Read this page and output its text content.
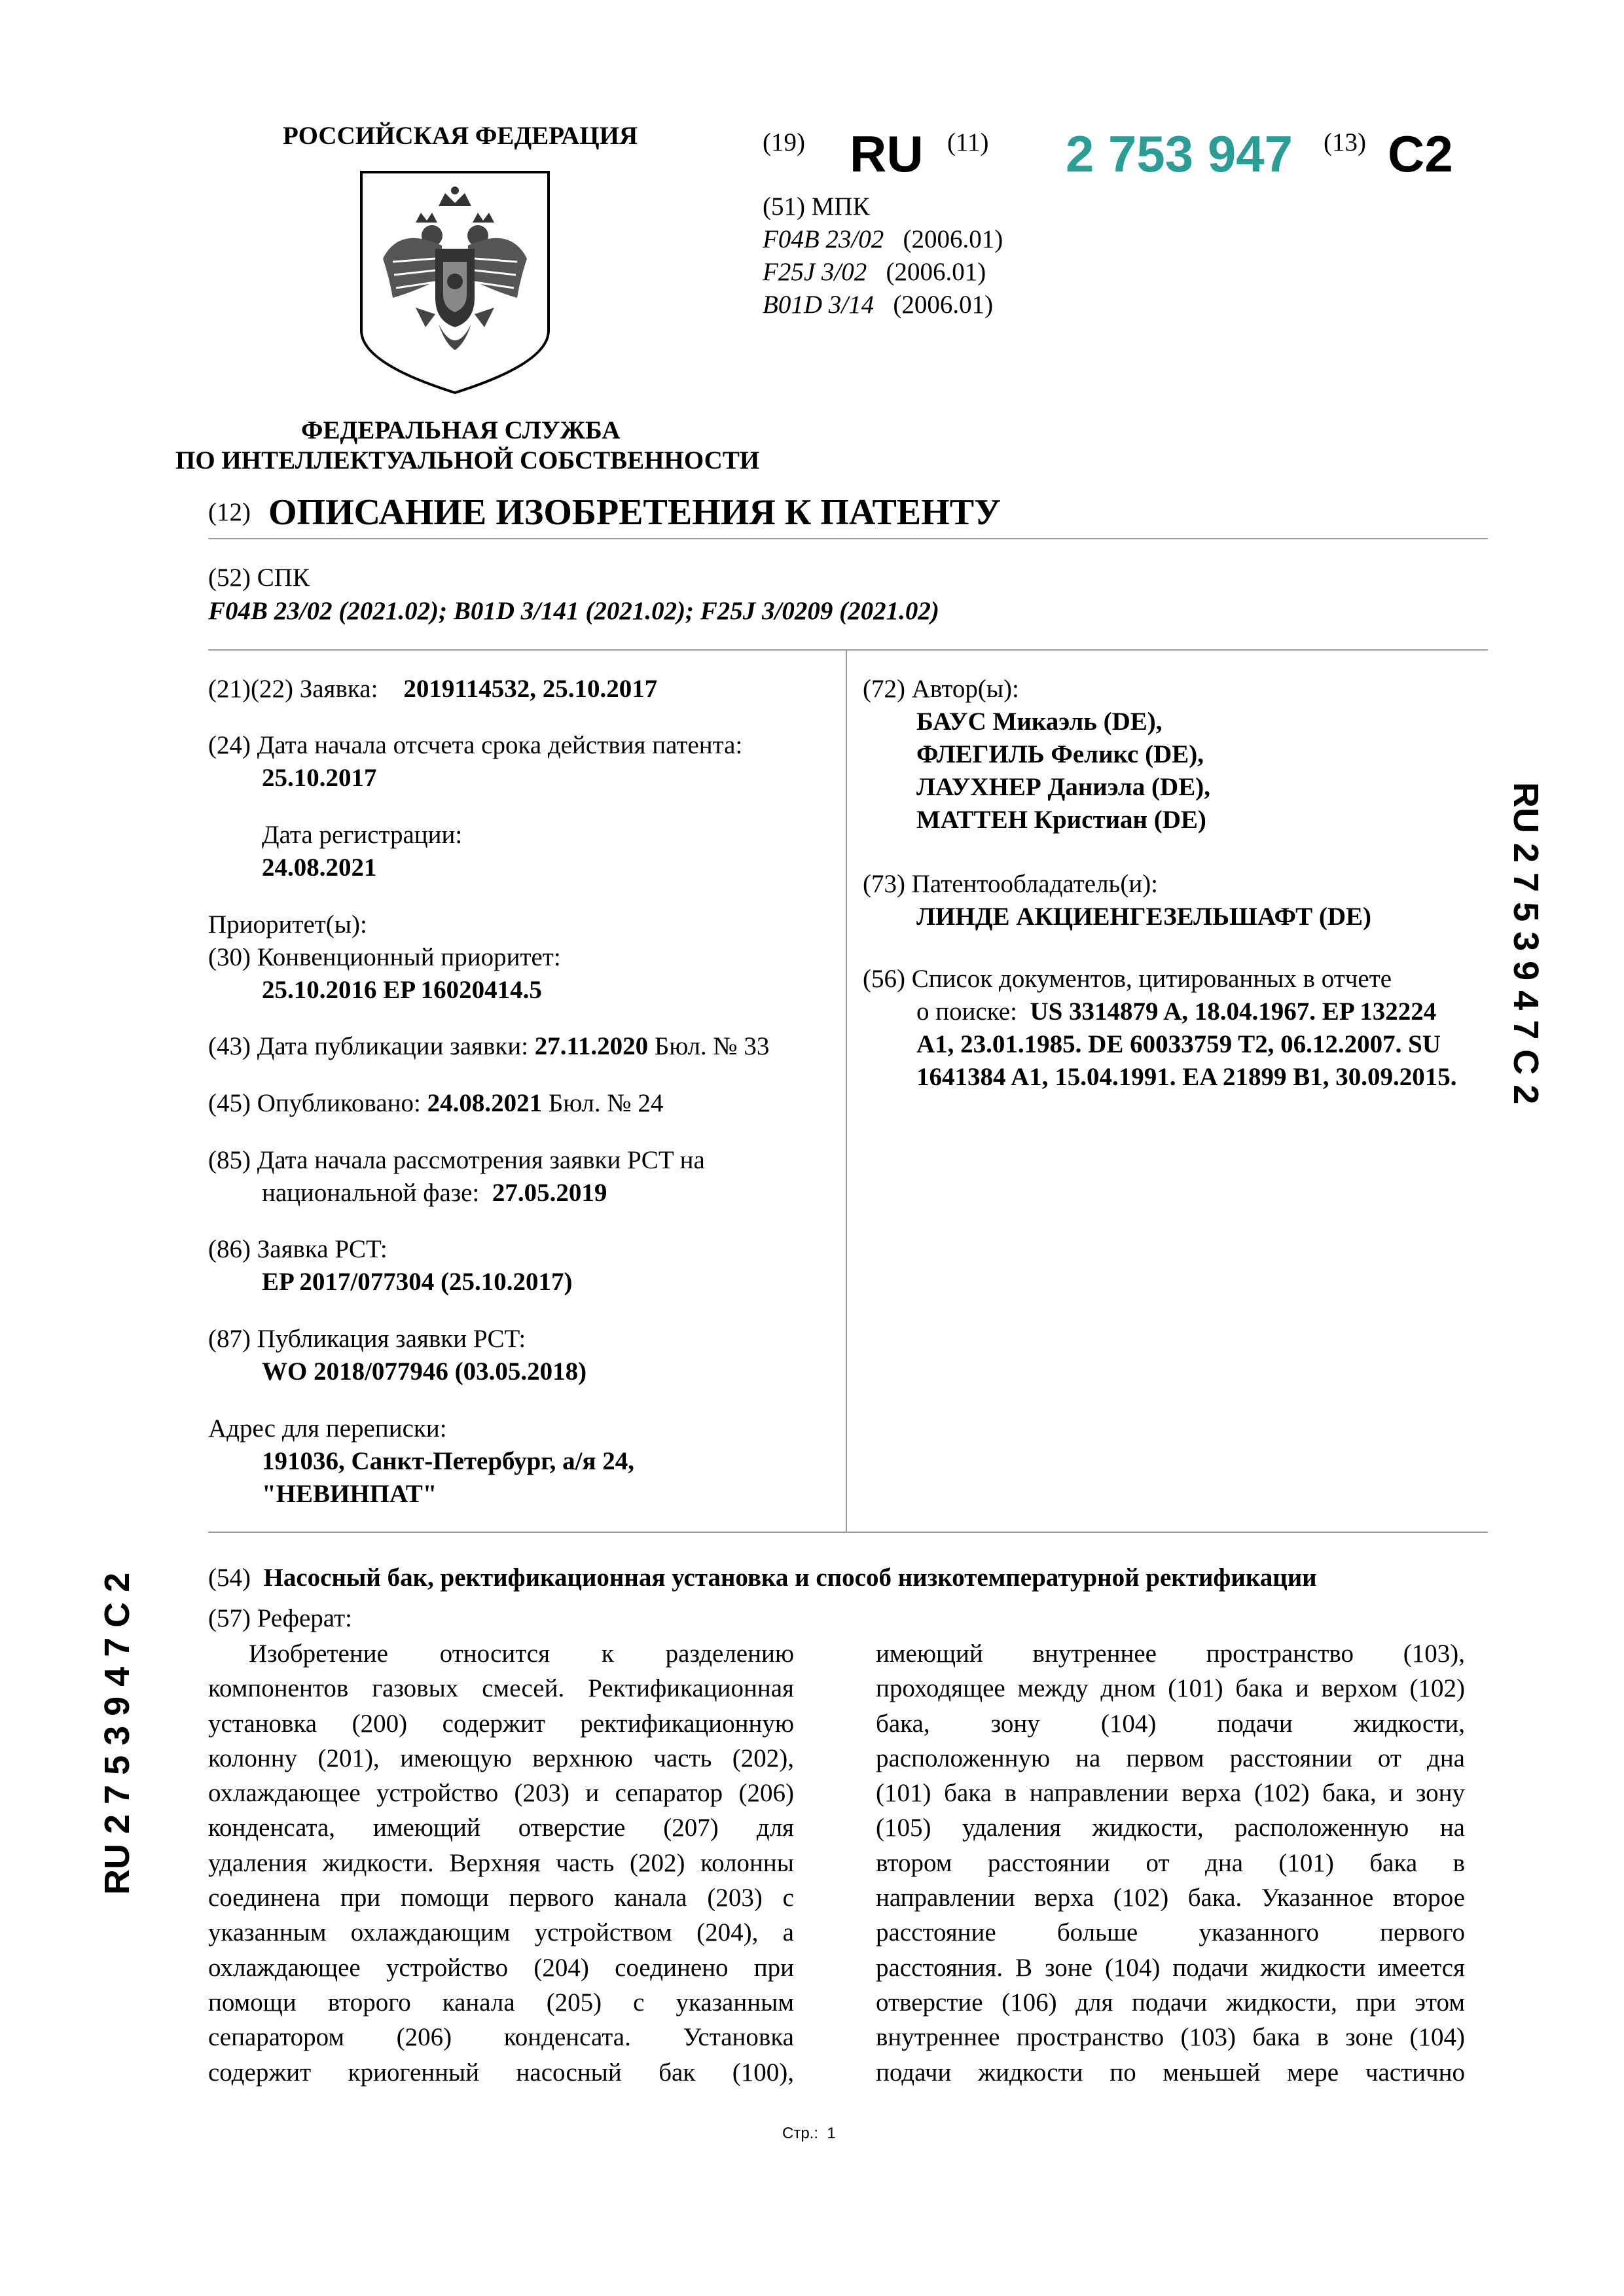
РОССИЙСКАЯ ФЕДЕРАЦИЯ
ФЕДЕРАЛЬНАЯ СЛУЖБА
ПО ИНТЕЛЛЕКТУАЛЬНОЙ СОБСТВЕННОСТИ
(19) RU (11) 2 753 947 (13) C2
(51) МПК
F04B 23/02 (2006.01)
F25J 3/02 (2006.01)
B01D 3/14 (2006.01)
(12) ОПИСАНИЕ ИЗОБРЕТЕНИЯ К ПАТЕНТУ
(52) СПК
F04B 23/02 (2021.02); B01D 3/141 (2021.02); F25J 3/0209 (2021.02)
(21)(22) Заявка: 2019114532, 25.10.2017
(24) Дата начала отсчета срока действия патента:
25.10.2017
Дата регистрации:
24.08.2021
Приоритет(ы):
(30) Конвенционный приоритет:
25.10.2016 EP 16020414.5
(43) Дата публикации заявки: 27.11.2020 Бюл. № 33
(45) Опубликовано: 24.08.2021 Бюл. № 24
(85) Дата начала рассмотрения заявки PCT на
национальной фазе: 27.05.2019
(86) Заявка PCT:
EP 2017/077304 (25.10.2017)
(87) Публикация заявки PCT:
WO 2018/077946 (03.05.2018)
Адрес для переписки:
191036, Санкт-Петербург, а/я 24,
"НЕВИНПАТ"
(72) Автор(ы):
БАУС Микаэль (DE),
ФЛЕГИЛЬ Феликс (DE),
ЛАУХНЕР Даниэла (DE),
МАТТЕН Кристиан (DE)
(73) Патентообладатель(и):
ЛИНДЕ АКЦИЕНГЕЗЕЛЬШАФТ (DE)
(56) Список документов, цитированных в отчете
о поиске: US 3314879 A, 18.04.1967. EP 132224
A1, 23.01.1985. DE 60033759 T2, 06.12.2007. SU
1641384 A1, 15.04.1991. EA 21899 B1, 30.09.2015.
(54) Насосный бак, ректификационная установка и способ низкотемпературной ректификации
(57) Реферат:
Изобретение относится к разделению
компонентов газовых смесей. Ректификационная
установка (200) содержит ректификационную
колонну (201), имеющую верхнюю часть (202),
охлаждающее устройство (203) и сепаратор (206)
конденсата, имеющий отверстие (207) для
удаления жидкости. Верхняя часть (202) колонны
соединена при помощи первого канала (203) с
указанным охлаждающим устройством (204), а
охлаждающее устройство (204) соединено при
помощи второго канала (205) с указанным
сепаратором (206) конденсата. Установка
содержит криогенный насосный бак (100),
имеющий внутреннее пространство (103),
проходящее между дном (101) бака и верхом (102)
бака, зону (104) подачи жидкости,
расположенную на первом расстоянии от дна
(101) бака в направлении верха (102) бака, и зону
(105) удаления жидкости, расположенную на
втором расстоянии от дна (101) бака в
направлении верха (102) бака. Указанное второе
расстояние больше указанного первого
расстояния. В зоне (104) подачи жидкости имеется
отверстие (106) для подачи жидкости, при этом
внутреннее пространство (103) бака в зоне (104)
подачи жидкости по меньшей мере частично
RU 2 7 5 3 9 4 7 C 2
RU 2 7 5 3 9 4 7 C 2
Стр.:  1
